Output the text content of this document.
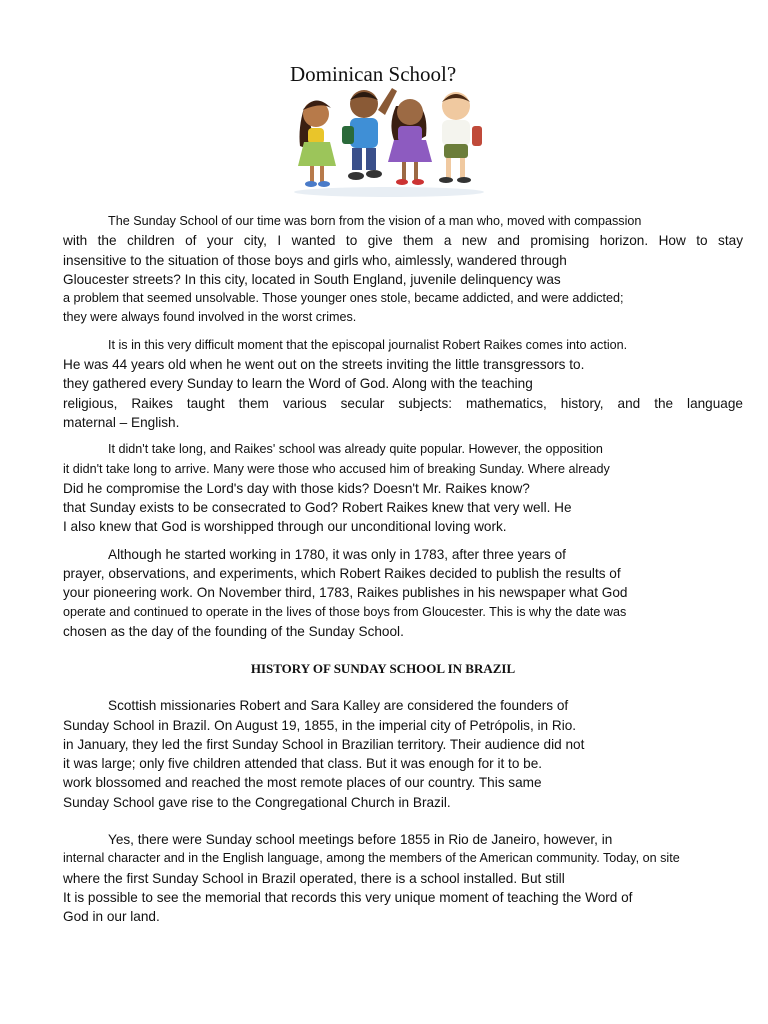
Dominican School?

The Sunday School of our time was born from the vision of a man who, moved with compassion
with the children of your city, I wanted to give them a new and promising horizon. How to stay
insensitive to the situation of those boys and girls who, aimlessly, wandered through
Gloucester streets? In this city, located in South England, juvenile delinquency was
a problem that seemed unsolvable. Those younger ones stole, became addicted, and were addicted;
they were always found involved in the worst crimes.

It is in this very difficult moment that the episcopal journalist Robert Raikes comes into action.
He was 44 years old when he went out on the streets inviting the little transgressors to.
they gathered every Sunday to learn the Word of God. Along with the teaching
religious, Raikes taught them various secular subjects: mathematics, history, and the language
maternal – English.

It didn't take long, and Raikes' school was already quite popular. However, the opposition
it didn't take long to arrive. Many were those who accused him of breaking Sunday. Where already
Did he compromise the Lord's day with those kids? Doesn't Mr. Raikes know?
that Sunday exists to be consecrated to God? Robert Raikes knew that very well. He
I also knew that God is worshipped through our unconditional loving work.

Although he started working in 1780, it was only in 1783, after three years of
prayer, observations, and experiments, which Robert Raikes decided to publish the results of
your pioneering work. On November third, 1783, Raikes publishes in his newspaper what God
operate and continued to operate in the lives of those boys from Gloucester. This is why the date was
chosen as the day of the founding of the Sunday School.

HISTORY OF SUNDAY SCHOOL IN BRAZIL

Scottish missionaries Robert and Sara Kalley are considered the founders of
Sunday School in Brazil. On August 19, 1855, in the imperial city of Petrópolis, in Rio.
in January, they led the first Sunday School in Brazilian territory. Their audience did not
it was large; only five children attended that class. But it was enough for it to be.
work blossomed and reached the most remote places of our country. This same
Sunday School gave rise to the Congregational Church in Brazil.

Yes, there were Sunday school meetings before 1855 in Rio de Janeiro, however, in
internal character and in the English language, among the members of the American community. Today, on site
where the first Sunday School in Brazil operated, there is a school installed. But still
It is possible to see the memorial that records this very unique moment of teaching the Word of
God in our land.
